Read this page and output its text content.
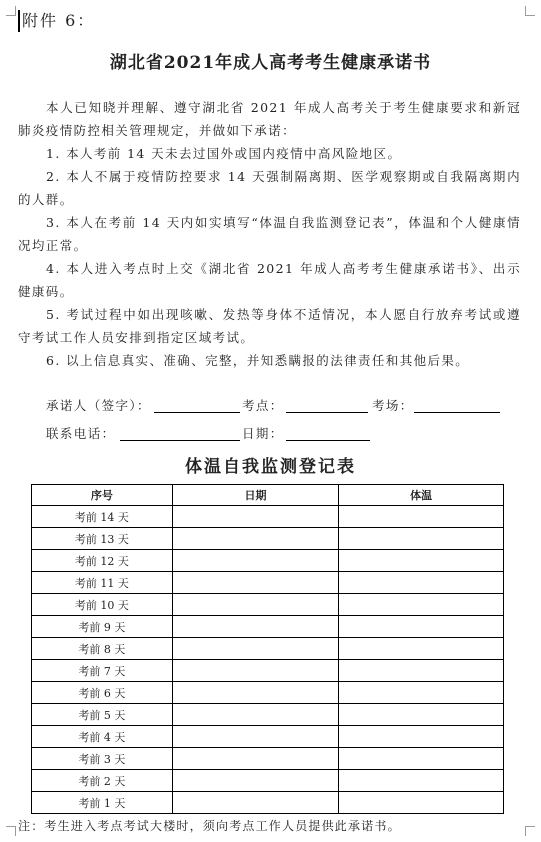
附件 6：
湖北省2021年成人高考考生健康承诺书

本人已知晓并理解、遵守湖北省 2021 年成人高考关于考生健康要求和新冠肺炎疫情防控相关管理规定，并做如下承诺：

1. 本人考前 14 天未去过国外或国内疫情中高风险地区。

2. 本人不属于疫情防控要求 14 天强制隔离期、医学观察期或自我隔离期内的人群。

3. 本人在考前 14 天内如实填写“体温自我监测登记表”，体温和个人健康情况均正常。

4. 本人进入考点时上交《湖北省 2021 年成人高考考生健康承诺书》、出示健康码。

5. 考试过程中如出现咳嗽、发热等身体不适情况，本人愿自行放弃考试或遵守考试工作人员安排到指定区域考试。

6. 以上信息真实、准确、完整，并知悉瞒报的法律责任和其他后果。

承诺人（签字）：	考点：	考场：
联系电话：	日期：
体温自我监测登记表
序号	日期	体温
考前 14 天		
考前 13 天		
考前 12 天		
考前 11 天		
考前 10 天		
考前 9 天		
考前 8 天		
考前 7 天		
考前 6 天		
考前 5 天		
考前 4 天		
考前 3 天		
考前 2 天		
考前 1 天		
注：考生进入考点考试大楼时，须向考点工作人员提供此承诺书。
